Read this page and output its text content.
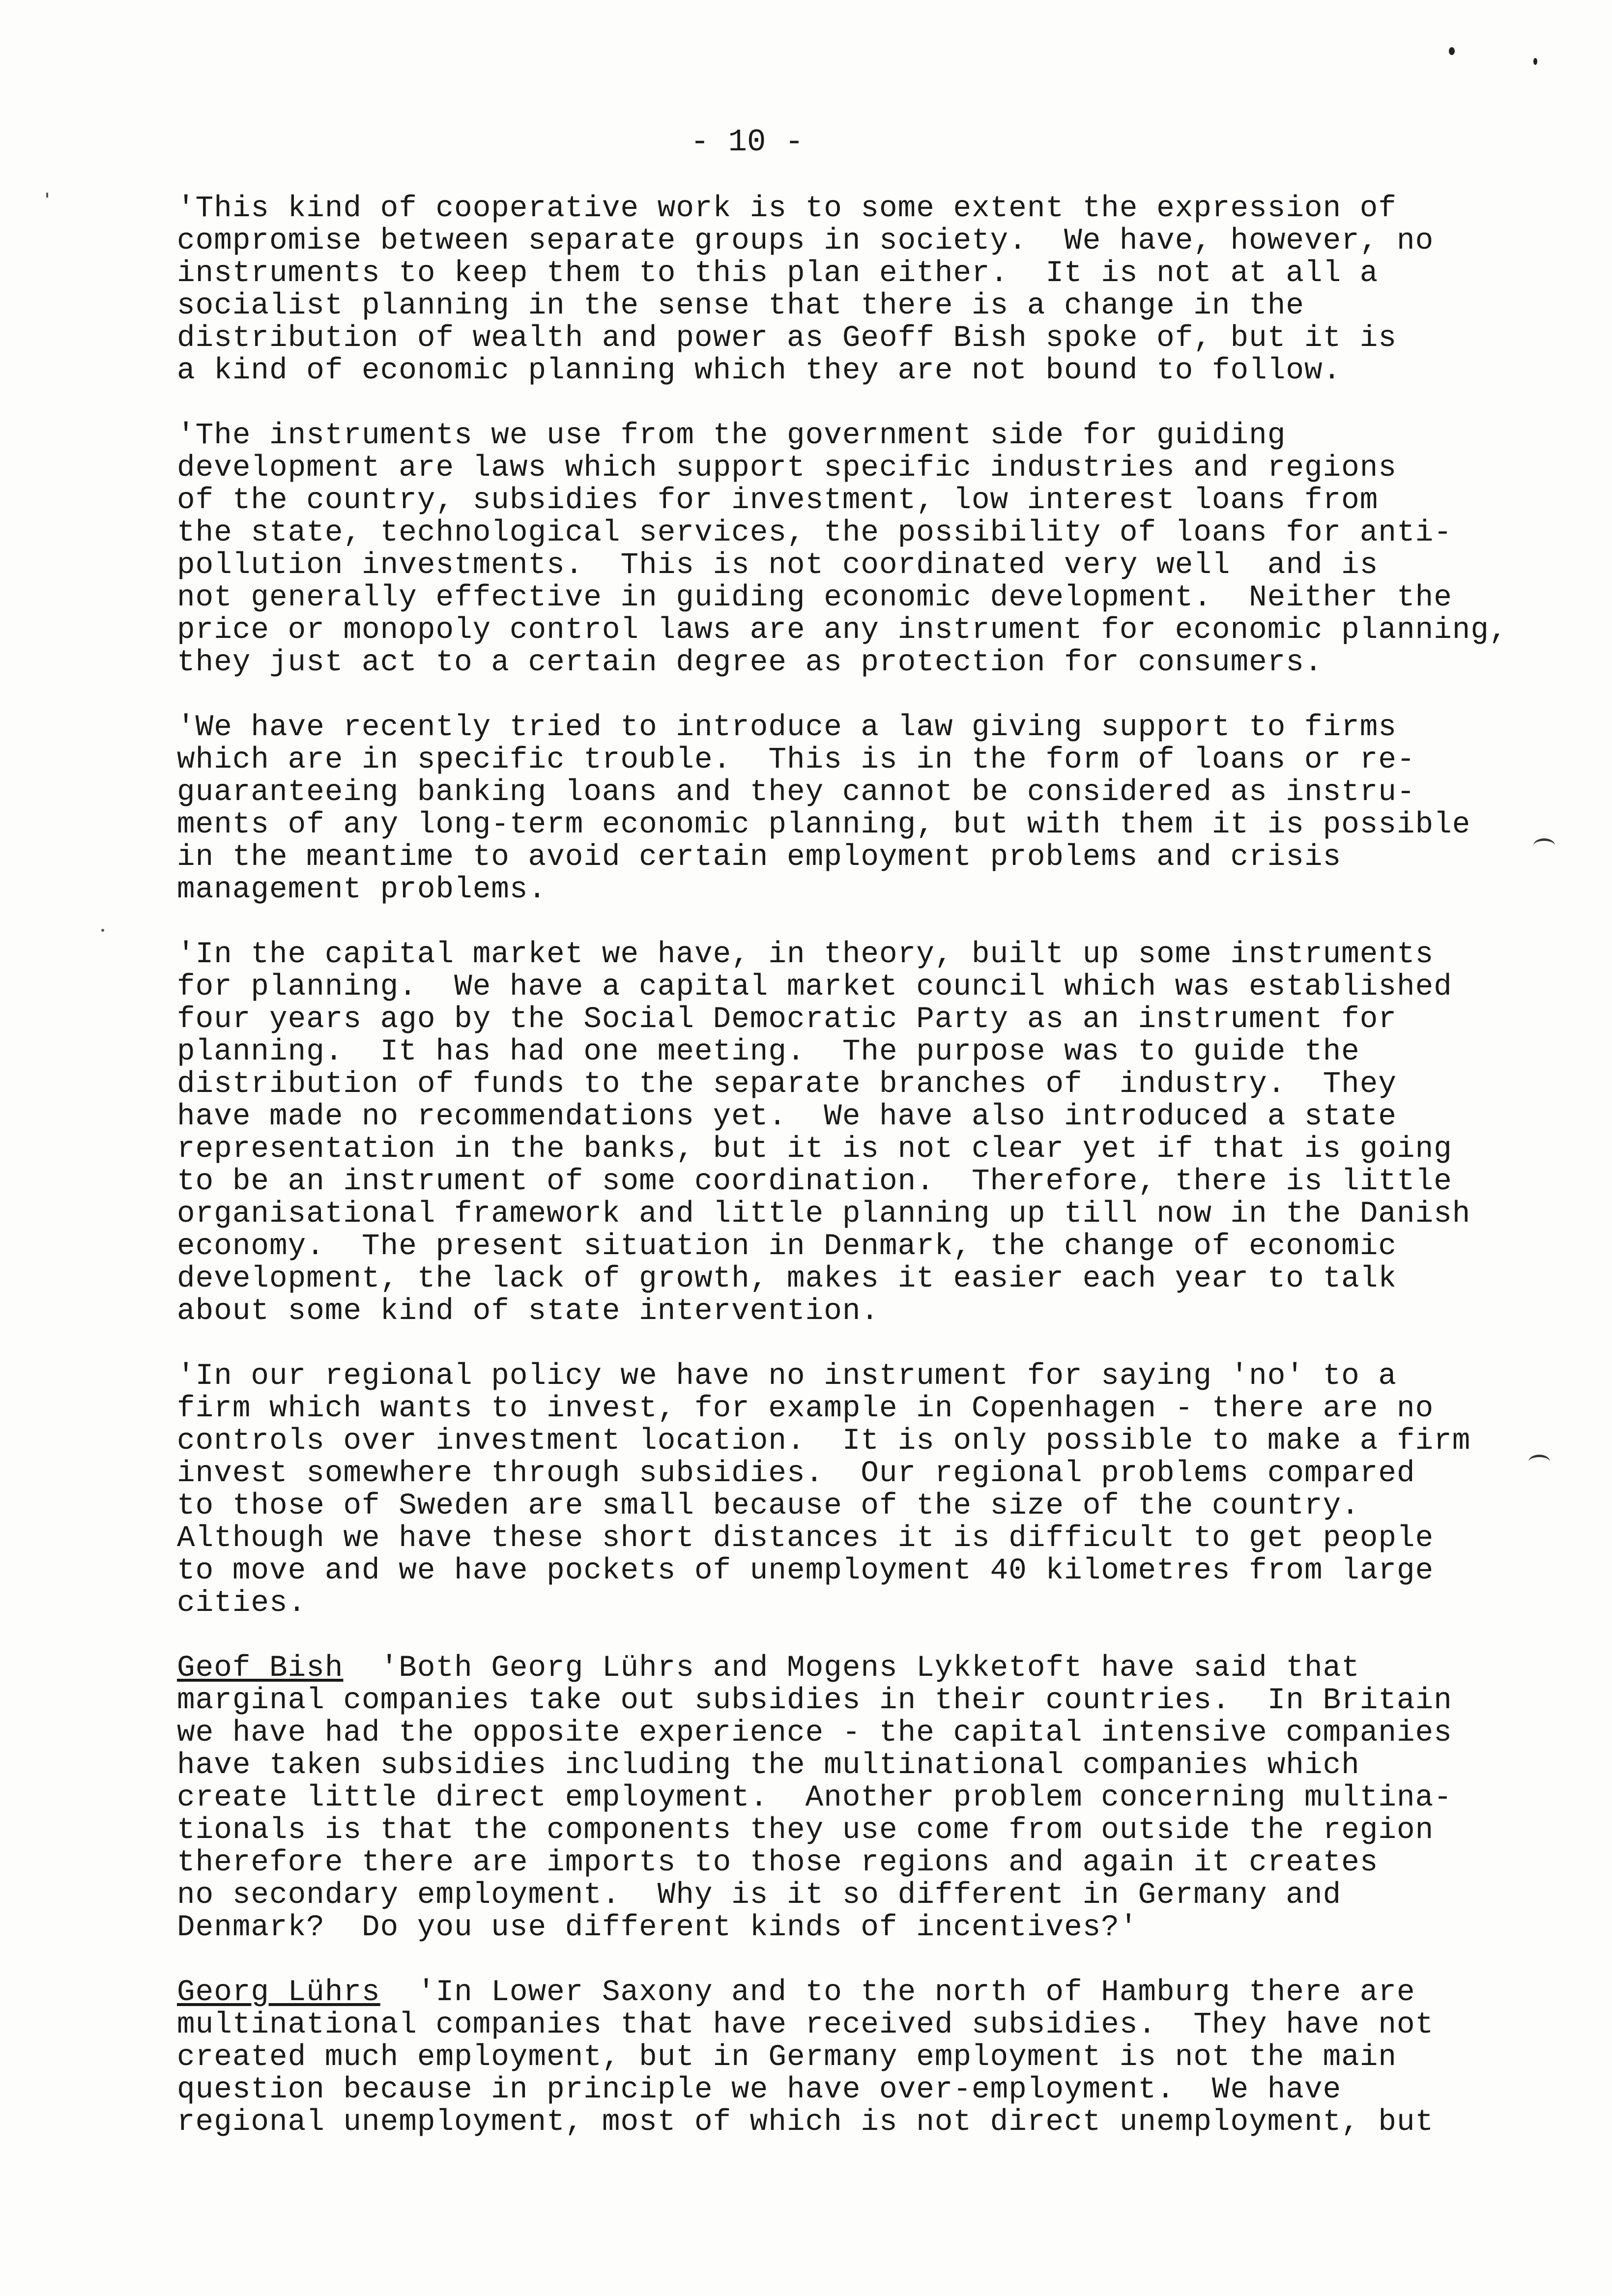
- 10 -
'This kind of cooperative work is to some extent the expression of
compromise between separate groups in society.  We have, however, no
instruments to keep them to this plan either.  It is not at all a
socialist planning in the sense that there is a change in the
distribution of wealth and power as Geoff Bish spoke of, but it is
a kind of economic planning which they are not bound to follow.
'The instruments we use from the government side for guiding
development are laws which support specific industries and regions
of the country, subsidies for investment, low interest loans from
the state, technological services, the possibility of loans for anti-
pollution investments.  This is not coordinated very well  and is
not generally effective in guiding economic development.  Neither the
price or monopoly control laws are any instrument for economic planning,
they just act to a certain degree as protection for consumers.
'We have recently tried to introduce a law giving support to firms
which are in specific trouble.  This is in the form of loans or re-
guaranteeing banking loans and they cannot be considered as instru-
ments of any long-term economic planning, but with them it is possible
in the meantime to avoid certain employment problems and crisis
management problems.
'In the capital market we have, in theory, built up some instruments
for planning.  We have a capital market council which was established
four years ago by the Social Democratic Party as an instrument for
planning.  It has had one meeting.  The purpose was to guide the
distribution of funds to the separate branches of  industry.  They
have made no recommendations yet.  We have also introduced a state
representation in the banks, but it is not clear yet if that is going
to be an instrument of some coordination.  Therefore, there is little
organisational framework and little planning up till now in the Danish
economy.  The present situation in Denmark, the change of economic
development, the lack of growth, makes it easier each year to talk
about some kind of state intervention.
'In our regional policy we have no instrument for saying 'no' to a
firm which wants to invest, for example in Copenhagen - there are no
controls over investment location.  It is only possible to make a firm
invest somewhere through subsidies.  Our regional problems compared
to those of Sweden are small because of the size of the country.
Although we have these short distances it is difficult to get people
to move and we have pockets of unemployment 40 kilometres from large
cities.
Geof Bish  'Both Georg Lührs and Mogens Lykketoft have said that
marginal companies take out subsidies in their countries.  In Britain
we have had the opposite experience - the capital intensive companies
have taken subsidies including the multinational companies which
create little direct employment.  Another problem concerning multina-
tionals is that the components they use come from outside the region
therefore there are imports to those regions and again it creates
no secondary employment.  Why is it so different in Germany and
Denmark?  Do you use different kinds of incentives?'
Georg Lührs  'In Lower Saxony and to the north of Hamburg there are
multinational companies that have received subsidies.  They have not
created much employment, but in Germany employment is not the main
question because in principle we have over-employment.  We have
regional unemployment, most of which is not direct unemployment, but
